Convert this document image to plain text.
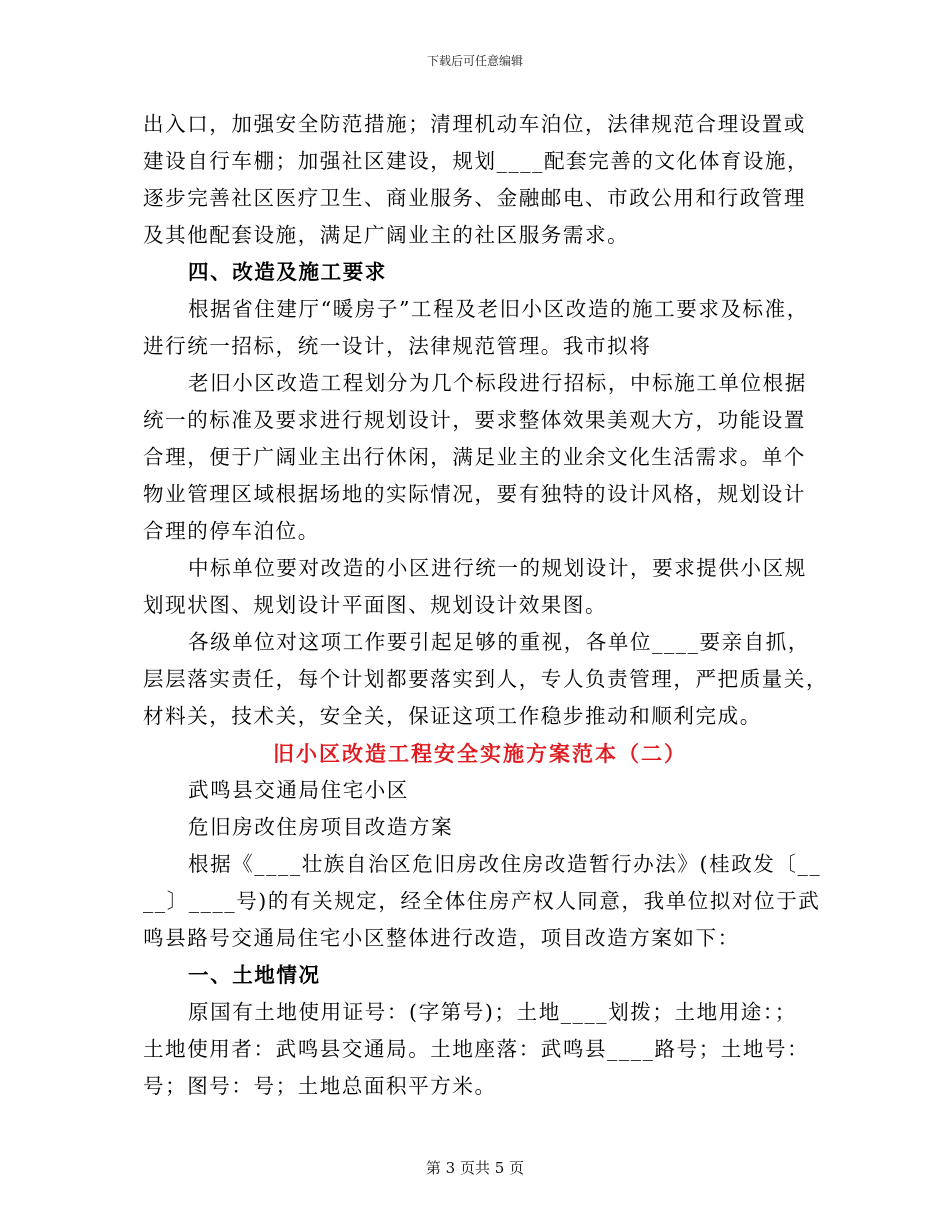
下载后可任意编辑

出入口，加强安全防范措施；清理机动车泊位，法律规范合理设置或

建设自行车棚；加强社区建设，规划____配套完善的文化体育设施，

逐步完善社区医疗卫生、商业服务、金融邮电、市政公用和行政管理

及其他配套设施，满足广阔业主的社区服务需求。

四、改造及施工要求

根据省住建厅“暖房子”工程及老旧小区改造的施工要求及标准，

进行统一招标，统一设计，法律规范管理。我市拟将

老旧小区改造工程划分为几个标段进行招标，中标施工单位根据

统一的标准及要求进行规划设计，要求整体效果美观大方，功能设置

合理，便于广阔业主出行休闲，满足业主的业余文化生活需求。单个

物业管理区域根据场地的实际情况，要有独特的设计风格，规划设计

合理的停车泊位。

中标单位要对改造的小区进行统一的规划设计，要求提供小区规

划现状图、规划设计平面图、规划设计效果图。

各级单位对这项工作要引起足够的重视，各单位____要亲自抓，

层层落实责任，每个计划都要落实到人，专人负责管理，严把质量关，

材料关，技术关，安全关，保证这项工作稳步推动和顺利完成。

旧小区改造工程安全实施方案范本（二）

武鸣县交通局住宅小区

危旧房改住房项目改造方案

根据《____壮族自治区危旧房改住房改造暂行办法》(桂政发〔__

__〕____号)的有关规定，经全体住房产权人同意，我单位拟对位于武

鸣县路号交通局住宅小区整体进行改造，项目改造方案如下：

一、土地情况

原国有土地使用证号：(字第号)；土地____划拨；土地用途：；

土地使用者：武鸣县交通局。土地座落：武鸣县____路号；土地号：

号；图号：号；土地总面积平方米。

第 3 页共 5 页
